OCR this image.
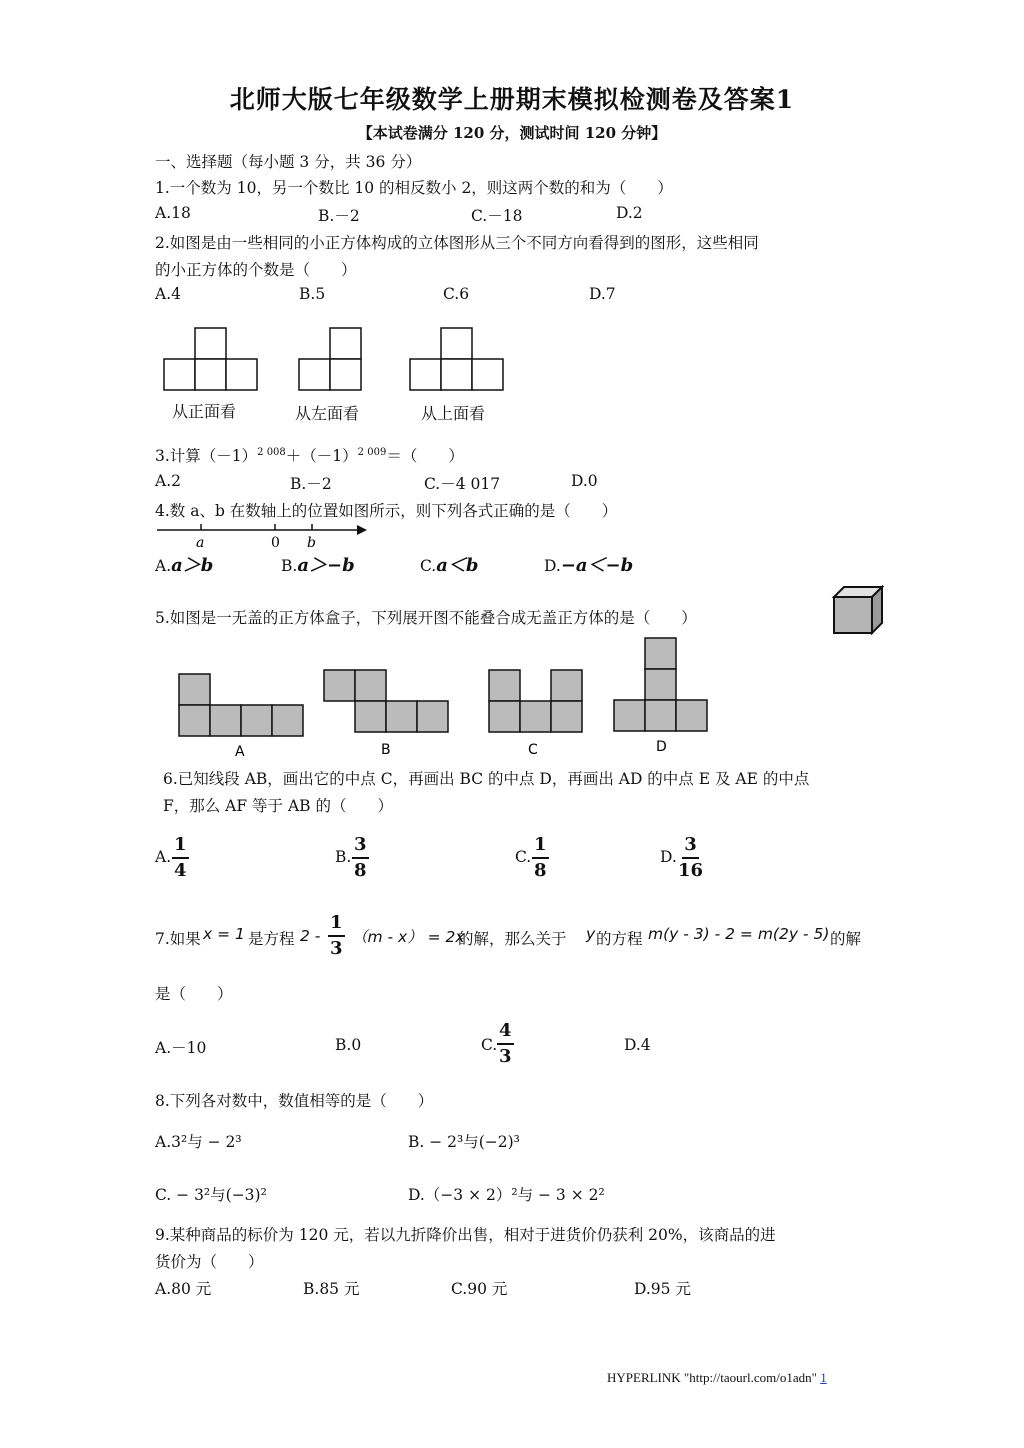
北师大版七年级数学上册期末模拟检测卷及答案1
【本试卷满分 120 分，测试时间 120 分钟】
一、选择题（每小题 3 分，共 36 分）
1.一个数为 10，另一个数比 10 的相反数小 2，则这两个数的和为（　　）
A.18	B.－2	C.－18	D.2
2.如图是由一些相同的小正方体构成的立体图形从三个不同方向看得到的图形，这些相同
的小正方体的个数是（　　）
A.4	B.5	C.6	D.7
从正面看	从左面看	从上面看
3.计算$(-1)^{2 008}+(-1)^{2 009}=$（　　）
A.2	B.－2	C.－4 017	D.0
4.数 a、b 在数轴上的位置如图所示，则下列各式正确的是（　　）
a	0 b
A.a＞b	B.a＞−b	C.a＜b	D.−a＜−b
5.如图是一无盖的正方体盒子，下列展开图不能叠合成无盖正方体的是（　　）
A	B	C	D
6.已知线段 AB，画出它的中点 C，再画出 BC 的中点 D，再画出 AD 的中点 E 及 AE 的中点
F，那么 AF 等于 AB 的（　　）
A. $\frac{1}{4}$	B. $\frac{3}{8}$	C. $\frac{1}{8}$	D. $\frac{3}{16}$
7.如果 x = 1 是方程 $2 - \frac{1}{3} (m - x) = 2x$
的解，那么关于 y 的方程 m(y - 3) - 2 = m(2y - 5) 的解
是（　　）
A.－10	B.0	C. $\frac{4}{3}$	D.4
8.下列各对数中，数值相等的是（　　）
A.3²与 − 2³	B. − 2³与(−2)³
C. − 3²与(−3)²	D.（−3 × 2）²与 − 3 × 2²
9.某种商品的标价为 120 元，若以九折降价出售，相对于进货价仍获利 20%，该商品的进
货价为（　　）
A.80 元	B.85 元	C.90 元	D.95 元
HYPERLINK "http://taourl.com/o1adn" 1
